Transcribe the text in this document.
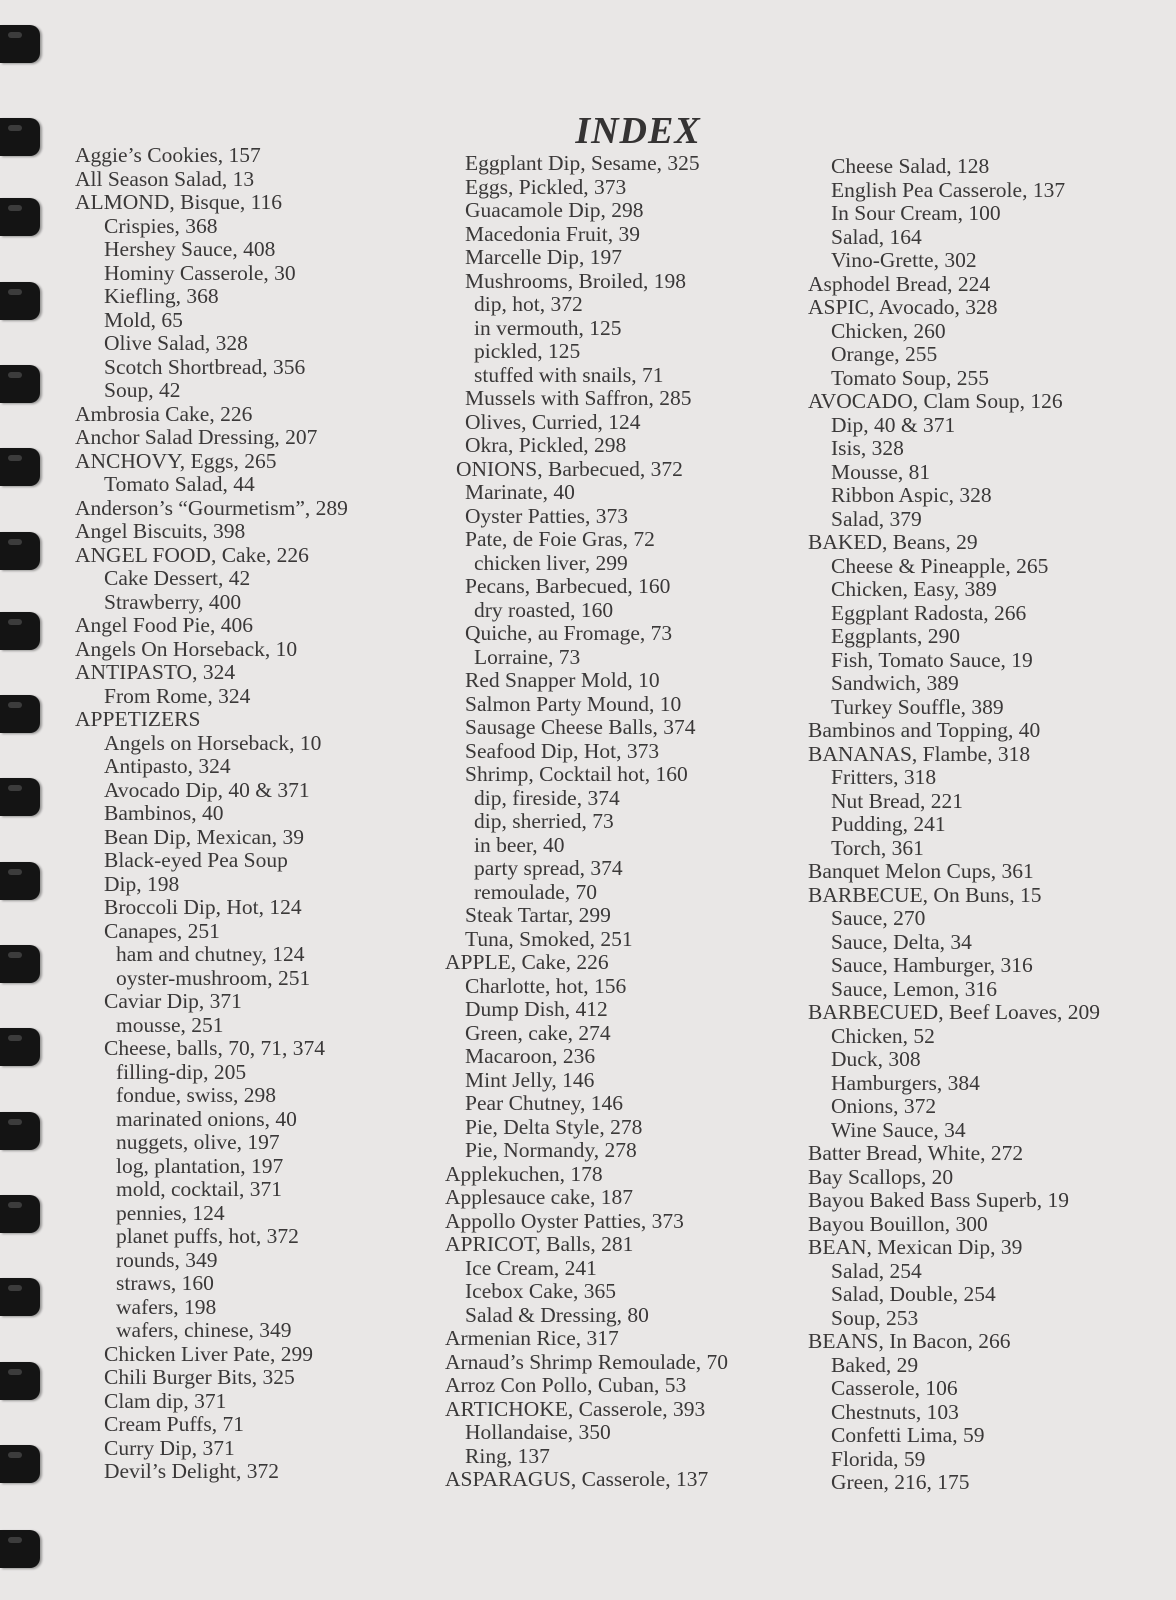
INDEX
Aggie’s Cookies, 157
All Season Salad, 13
ALMOND, Bisque, 116
Crispies, 368
Hershey Sauce, 408
Hominy Casserole, 30
Kiefling, 368
Mold, 65
Olive Salad, 328
Scotch Shortbread, 356
Soup, 42
Ambrosia Cake, 226
Anchor Salad Dressing, 207
ANCHOVY, Eggs, 265
Tomato Salad, 44
Anderson’s “Gourmetism”, 289
Angel Biscuits, 398
ANGEL FOOD, Cake, 226
Cake Dessert, 42
Strawberry, 400
Angel Food Pie, 406
Angels On Horseback, 10
ANTIPASTO, 324
From Rome, 324
APPETIZERS
Angels on Horseback, 10
Antipasto, 324
Avocado Dip, 40 & 371
Bambinos, 40
Bean Dip, Mexican, 39
Black-eyed Pea Soup
Dip, 198
Broccoli Dip, Hot, 124
Canapes, 251
ham and chutney, 124
oyster-mushroom, 251
Caviar Dip, 371
mousse, 251
Cheese, balls, 70, 71, 374
filling-dip, 205
fondue, swiss, 298
marinated onions, 40
nuggets, olive, 197
log, plantation, 197
mold, cocktail, 371
pennies, 124
planet puffs, hot, 372
rounds, 349
straws, 160
wafers, 198
wafers, chinese, 349
Chicken Liver Pate, 299
Chili Burger Bits, 325
Clam dip, 371
Cream Puffs, 71
Curry Dip, 371
Devil’s Delight, 372
Eggplant Dip, Sesame, 325
Eggs, Pickled, 373
Guacamole Dip, 298
Macedonia Fruit, 39
Marcelle Dip, 197
Mushrooms, Broiled, 198
dip, hot, 372
in vermouth, 125
pickled, 125
stuffed with snails, 71
Mussels with Saffron, 285
Olives, Curried, 124
Okra, Pickled, 298
ONIONS, Barbecued, 372
Marinate, 40
Oyster Patties, 373
Pate, de Foie Gras, 72
chicken liver, 299
Pecans, Barbecued, 160
dry roasted, 160
Quiche, au Fromage, 73
Lorraine, 73
Red Snapper Mold, 10
Salmon Party Mound, 10
Sausage Cheese Balls, 374
Seafood Dip, Hot, 373
Shrimp, Cocktail hot, 160
dip, fireside, 374
dip, sherried, 73
in beer, 40
party spread, 374
remoulade, 70
Steak Tartar, 299
Tuna, Smoked, 251
APPLE, Cake, 226
Charlotte, hot, 156
Dump Dish, 412
Green, cake, 274
Macaroon, 236
Mint Jelly, 146
Pear Chutney, 146
Pie, Delta Style, 278
Pie, Normandy, 278
Applekuchen, 178
Applesauce cake, 187
Appollo Oyster Patties, 373
APRICOT, Balls, 281
Ice Cream, 241
Icebox Cake, 365
Salad & Dressing, 80
Armenian Rice, 317
Arnaud’s Shrimp Remoulade, 70
Arroz Con Pollo, Cuban, 53
ARTICHOKE, Casserole, 393
Hollandaise, 350
Ring, 137
ASPARAGUS, Casserole, 137
Cheese Salad, 128
English Pea Casserole, 137
In Sour Cream, 100
Salad, 164
Vino-Grette, 302
Asphodel Bread, 224
ASPIC, Avocado, 328
Chicken, 260
Orange, 255
Tomato Soup, 255
AVOCADO, Clam Soup, 126
Dip, 40 & 371
Isis, 328
Mousse, 81
Ribbon Aspic, 328
Salad, 379
BAKED, Beans, 29
Cheese & Pineapple, 265
Chicken, Easy, 389
Eggplant Radosta, 266
Eggplants, 290
Fish, Tomato Sauce, 19
Sandwich, 389
Turkey Souffle, 389
Bambinos and Topping, 40
BANANAS, Flambe, 318
Fritters, 318
Nut Bread, 221
Pudding, 241
Torch, 361
Banquet Melon Cups, 361
BARBECUE, On Buns, 15
Sauce, 270
Sauce, Delta, 34
Sauce, Hamburger, 316
Sauce, Lemon, 316
BARBECUED, Beef Loaves, 209
Chicken, 52
Duck, 308
Hamburgers, 384
Onions, 372
Wine Sauce, 34
Batter Bread, White, 272
Bay Scallops, 20
Bayou Baked Bass Superb, 19
Bayou Bouillon, 300
BEAN, Mexican Dip, 39
Salad, 254
Salad, Double, 254
Soup, 253
BEANS, In Bacon, 266
Baked, 29
Casserole, 106
Chestnuts, 103
Confetti Lima, 59
Florida, 59
Green, 216, 175
